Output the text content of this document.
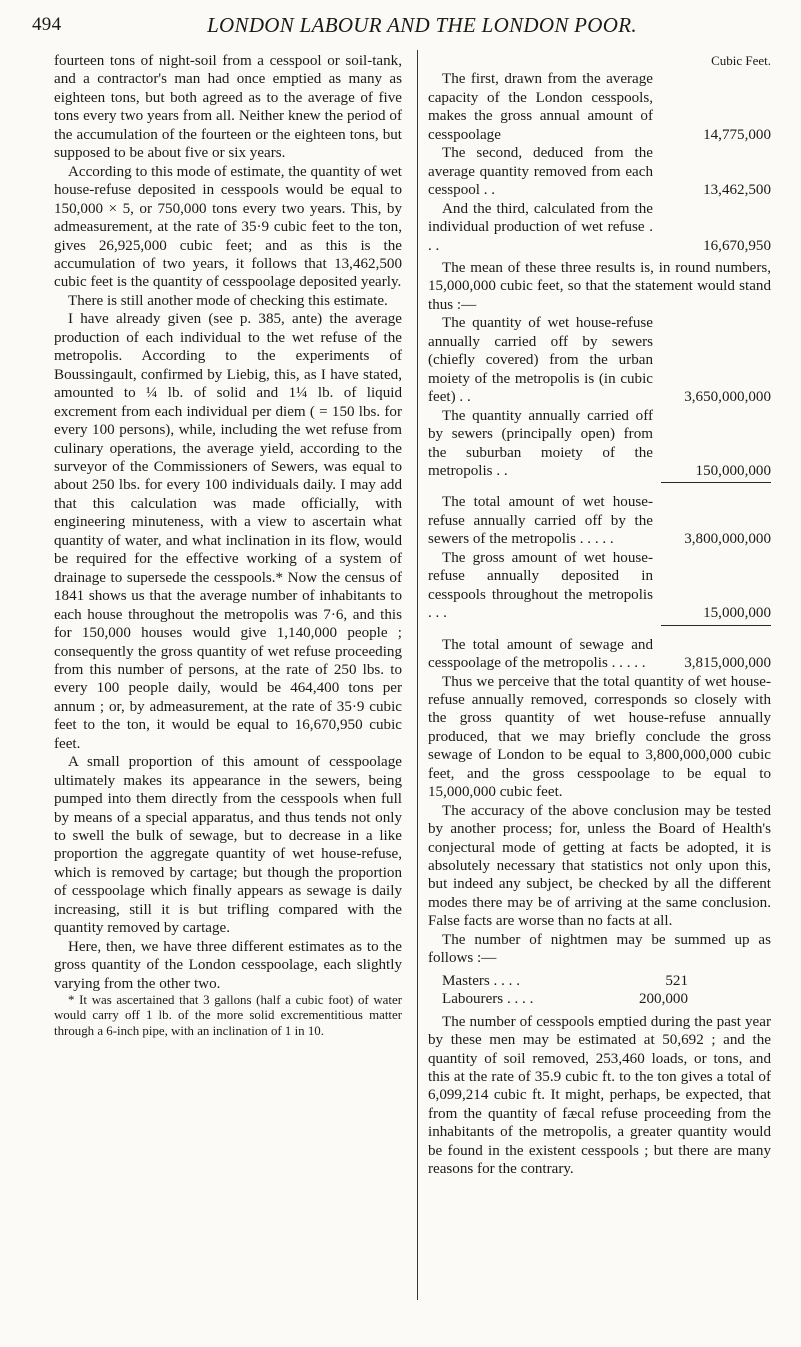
494	LONDON LABOUR AND THE LONDON POOR.

fourteen tons of night-soil from a cesspool or soil-tank, and a contractor's man had once emptied as many as eighteen tons, but both agreed as to the average of five tons every two years from all. Neither knew the period of the accumulation of the fourteen or the eighteen tons, but supposed to be about five or six years.

According to this mode of estimate, the quantity of wet house-refuse deposited in cesspools would be equal to 150,000 × 5, or 750,000 tons every two years. This, by admeasurement, at the rate of 35·9 cubic feet to the ton, gives 26,925,000 cubic feet; and as this is the accumulation of two years, it follows that 13,462,500 cubic feet is the quantity of cesspoolage deposited yearly.

There is still another mode of checking this estimate.

I have already given (see p. 385, ante) the average production of each individual to the wet refuse of the metropolis. According to the experiments of Boussingault, confirmed by Liebig, this, as I have stated, amounted to ¼ lb. of solid and 1¼ lb. of liquid excrement from each individual per diem ( = 150 lbs. for every 100 persons), while, including the wet refuse from culinary operations, the average yield, according to the surveyor of the Commissioners of Sewers, was equal to about 250 lbs. for every 100 individuals daily. I may add that this calculation was made officially, with engineering minuteness, with a view to ascertain what quantity of water, and what inclination in its flow, would be required for the effective working of a system of drainage to supersede the cesspools.* Now the census of 1841 shows us that the average number of inhabitants to each house throughout the metropolis was 7·6, and this for 150,000 houses would give 1,140,000 people ; consequently the gross quantity of wet refuse proceeding from this number of persons, at the rate of 250 lbs. to every 100 people daily, would be 464,400 tons per annum ; or, by admeasurement, at the rate of 35·9 cubic feet to the ton, it would be equal to 16,670,950 cubic feet.

A small proportion of this amount of cesspoolage ultimately makes its appearance in the sewers, being pumped into them directly from the cesspools when full by means of a special apparatus, and thus tends not only to swell the bulk of sewage, but to decrease in a like proportion the aggregate quantity of wet house-refuse, which is removed by cartage; but though the proportion of cesspoolage which finally appears as sewage is daily increasing, still it is but trifling compared with the quantity removed by cartage.

Here, then, we have three different estimates as to the gross quantity of the London cesspoolage, each slightly varying from the other two.

* It was ascertained that 3 gallons (half a cubic foot) of water would carry off 1 lb. of the more solid excrementitious matter through a 6-inch pipe, with an inclination of 1 in 10.

Cubic Feet.
The first, drawn from the average capacity of the London cesspools, makes the gross annual amount of cesspoolage	14,775,000
The second, deduced from the average quantity removed from each cesspool . .	13,462,500
And the third, calculated from the individual production of wet refuse . . .	16,670,950

The mean of these three results is, in round numbers, 15,000,000 cubic feet, so that the statement would stand thus :—

The quantity of wet house-refuse annually carried off by sewers (chiefly covered) from the urban moiety of the metropolis is (in cubic feet) . .	3,650,000,000
The quantity annually carried off by sewers (principally open) from the suburban moiety of the metropolis . .	150,000,000
The total amount of wet house-refuse annually carried off by the sewers of the metropolis . . . . .	3,800,000,000
The gross amount of wet house-refuse annually deposited in cesspools throughout the metropolis . . .	15,000,000
The total amount of sewage and cesspoolage of the metropolis . . . . .	3,815,000,000

Thus we perceive that the total quantity of wet house-refuse annually removed, corresponds so closely with the gross quantity of wet house-refuse annually produced, that we may briefly conclude the gross sewage of London to be equal to 3,800,000,000 cubic feet, and the gross cesspoolage to be equal to 15,000,000 cubic feet.

The accuracy of the above conclusion may be tested by another process; for, unless the Board of Health's conjectural mode of getting at facts be adopted, it is absolutely necessary that statistics not only upon this, but indeed any subject, be checked by all the different modes there may be of arriving at the same conclusion. False facts are worse than no facts at all.

The number of nightmen may be summed up as follows :—

Masters . . . .	521
Labourers . . . .	200,000

The number of cesspools emptied during the past year by these men may be estimated at 50,692 ; and the quantity of soil removed, 253,460 loads, or tons, and this at the rate of 35.9 cubic ft. to the ton gives a total of 6,099,214 cubic ft. It might, perhaps, be expected, that from the quantity of fæcal refuse proceeding from the inhabitants of the metropolis, a greater quantity would be found in the existent cesspools ; but there are many reasons for the contrary.
